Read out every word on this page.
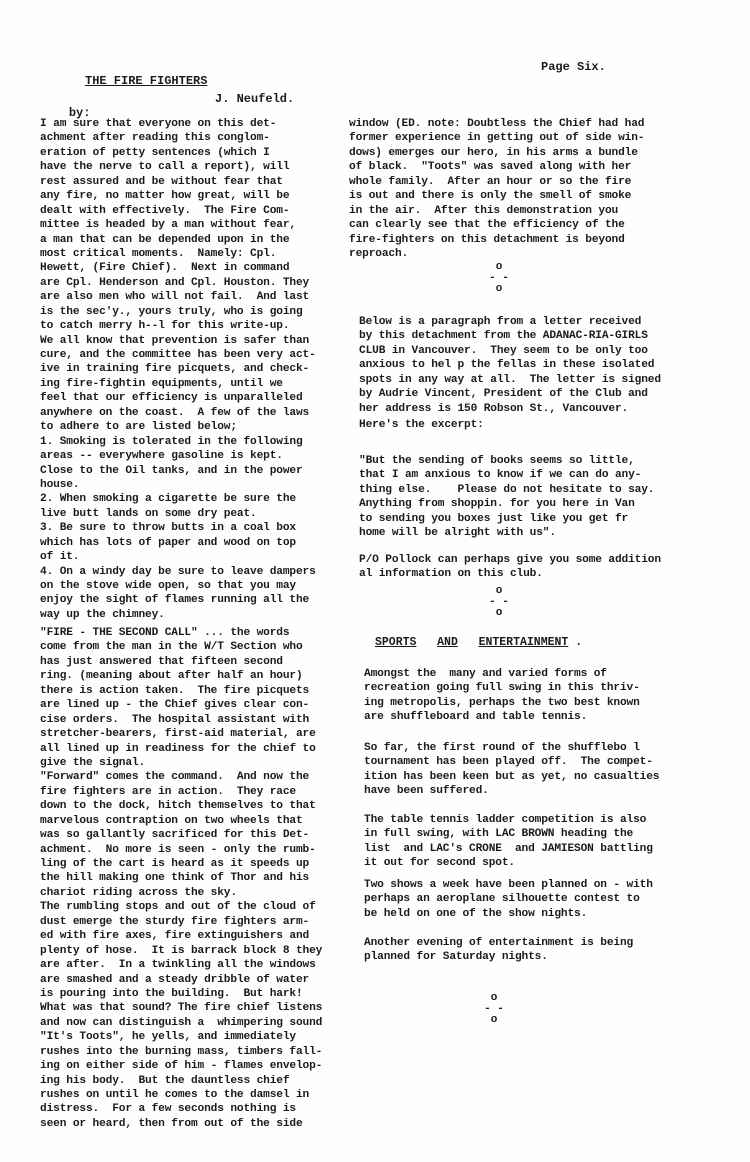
Page Six.
THE FIRE FIGHTERS

by:

J. Neufeld.

I am sure that everyone on this det-
achment after reading this conglom-
eration of petty sentences (which I
have the nerve to call a report), will
rest assured and be without fear that
any fire, no matter how great, will be
dealt with effectively.  The Fire Com-
mittee is headed by a man without fear,
a man that can be depended upon in the
most critical moments.  Namely: Cpl.
Hewett, (Fire Chief).  Next in command
are Cpl. Henderson and Cpl. Houston. They
are also men who will not fail.  And last
is the sec'y., yours truly, who is going
to catch merry h--l for this write-up.
We all know that prevention is safer than
cure, and the committee has been very act-
ive in training fire picquets, and check-
ing fire-fightin equipments, until we
feel that our efficiency is unparalleled
anywhere on the coast.  A few of the laws
to adhere to are listed below;
1. Smoking is tolerated in the following
areas -- everywhere gasoline is kept.
Close to the Oil tanks, and in the power
house.
2. When smoking a cigarette be sure the
live butt lands on some dry peat.
3. Be sure to throw butts in a coal box
which has lots of paper and wood on top
of it.
4. On a windy day be sure to leave dampers
on the stove wide open, so that you may
enjoy the sight of flames running all the
way up the chimney.
"FIRE - THE SECOND CALL" ... the words
come from the man in the W/T Section who
has just answered that fifteen second
ring. (meaning about after half an hour)
there is action taken.  The fire picquets
are lined up - the Chief gives clear con-
cise orders.  The hospital assistant with
stretcher-bearers, first-aid material, are
all lined up in readiness for the chief to
give the signal.
"Forward" comes the command.  And now the
fire fighters are in action.  They race
down to the dock, hitch themselves to that
marvelous contraption on two wheels that
was so gallantly sacrificed for this Det-
achment.  No more is seen - only the rumb-
ling of the cart is heard as it speeds up
the hill making one think of Thor and his
chariot riding across the sky.
The rumbling stops and out of the cloud of
dust emerge the sturdy fire fighters arm-
ed with fire axes, fire extinguishers and
plenty of hose.  It is barrack block 8 they
are after.  In a twinkling all the windows
are smashed and a steady dribble of water
is pouring into the building.  But hark!
What was that sound? The fire chief listens
and now can distinguish a  whimpering sound
"It's Toots", he yells, and immediately
rushes into the burning mass, timbers fall-
ing on either side of him - flames envelop-
ing his body.  But the dauntless chief
rushes on until he comes to the damsel in
distress.  For a few seconds nothing is
seen or heard, then from out of the side
window (ED. note: Doubtless the Chief had had
former experience in getting out of side win-
dows) emerges our hero, in his arms a bundle
of black.  "Toots" was saved along with her
whole family.  After an hour or so the fire
is out and there is only the smell of smoke
in the air.  After this demonstration you
can clearly see that the efficiency of the
fire-fighters on this detachment is beyond
reproach.
o
- -
o
Below is a paragraph from a letter received
by this detachment from the ADANAC-RIA-GIRLS
CLUB in Vancouver.  They seem to be only too
anxious to hel p the fellas in these isolated
spots in any way at all.  The letter is signed
by Audrie Vincent, President of the Club and
her address is 150 Robson St., Vancouver.
Here's the excerpt:
"But the sending of books seems so little,
that I am anxious to know if we can do any-
thing else.    Please do not hesitate to say.
Anything from shoppin. for you here in Van
to sending you boxes just like you get fr
home will be alright with us".
P/O Pollock can perhaps give you some addition
al information on this club.
o
- -
o
SPORTS AND ENTERTAINMENT .
Amongst the  many and varied forms of
recreation going full swing in this thriv-
ing metropolis, perhaps the two best known
are shuffleboard and table tennis.
So far, the first round of the shufflebo l
tournament has been played off.  The compet-
ition has been keen but as yet, no casualties
have been suffered.
The table tennis ladder competition is also
in full swing, with LAC BROWN heading the
list  and LAC's CRONE  and JAMIESON battling
it out for second spot.
Two shows a week have been planned on - with
perhaps an aeroplane silhouette contest to
be held on one of the show nights.
Another evening of entertainment is being
planned for Saturday nights.
o
- -
o
